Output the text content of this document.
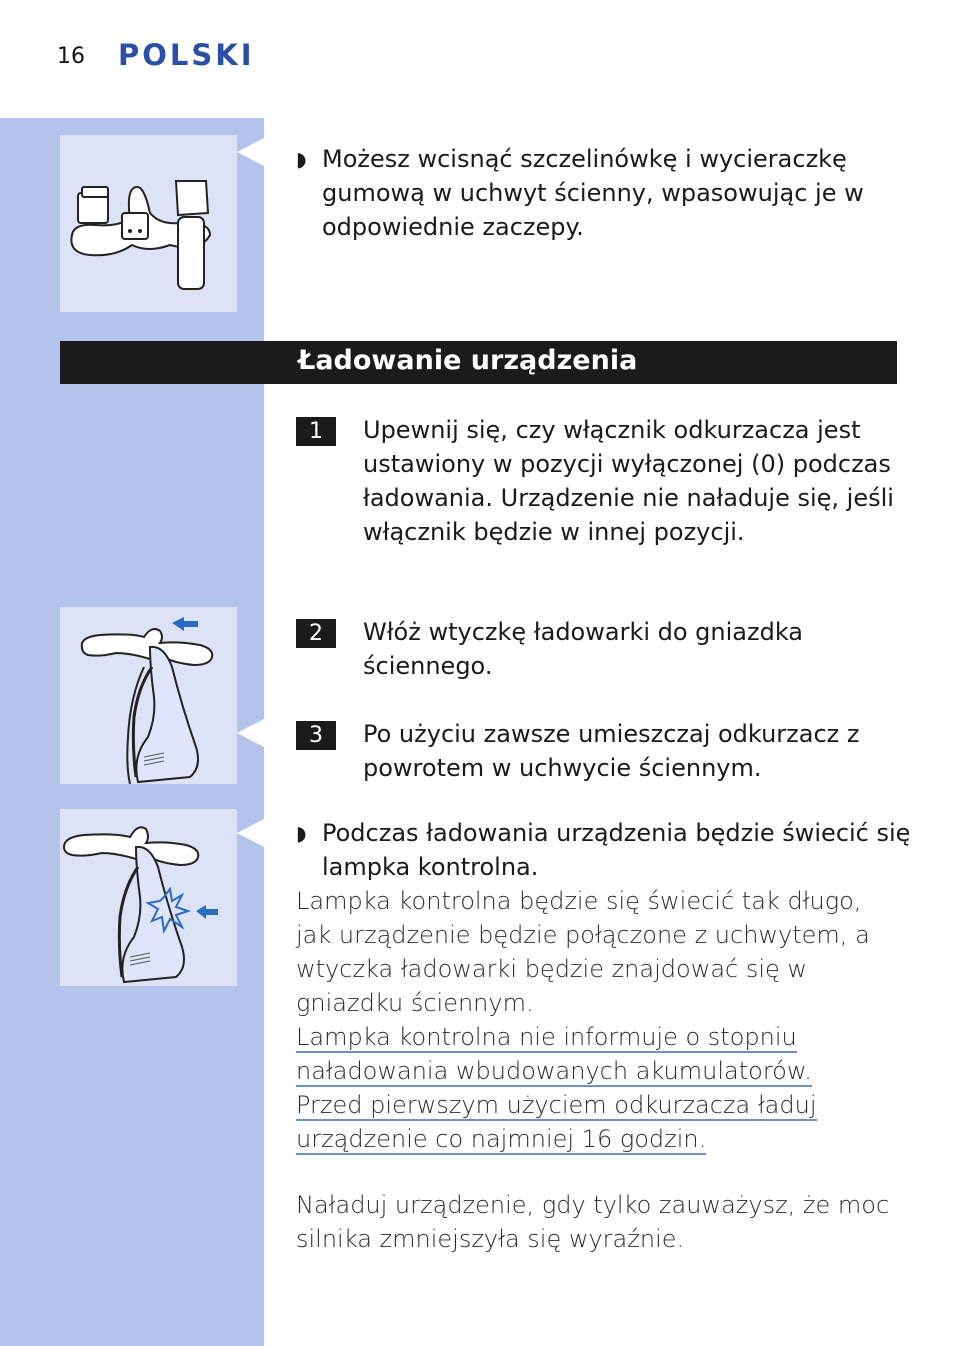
16 POLSKI
◗ Możesz wcisnąć szczelinówkę i wycieraczkę gumową w uchwyt ścienny, wpasowując je w odpowiednie zaczepy.
Ładowanie urządzenia
1	Upewnij się, czy włącznik odkurzacza jest ustawiony w pozycji wyłączonej (0) podczas ładowania. Urządzenie nie naładuje się, jeśli włącznik będzie w innej pozycji.
2	Włóż wtyczkę ładowarki do gniazdka ściennego.
3	Po użyciu zawsze umieszczaj odkurzacz z powrotem w uchwycie ściennym.
◗ Podczas ładowania urządzenia będzie świecić się lampka kontrolna.
Lampka kontrolna będzie się świecić tak długo, jak urządzenie będzie połączone z uchwytem, a wtyczka ładowarki będzie znajdować się w gniazdku ściennym.
Lampka kontrolna nie informuje o stopniu
naładowania wbudowanych akumulatorów.
Przed pierwszym użyciem odkurzacza ładuj
urządzenie co najmniej 16 godzin.
Naładuj urządzenie, gdy tylko zauważysz, że moc silnika zmniejszyła się wyraźnie.
